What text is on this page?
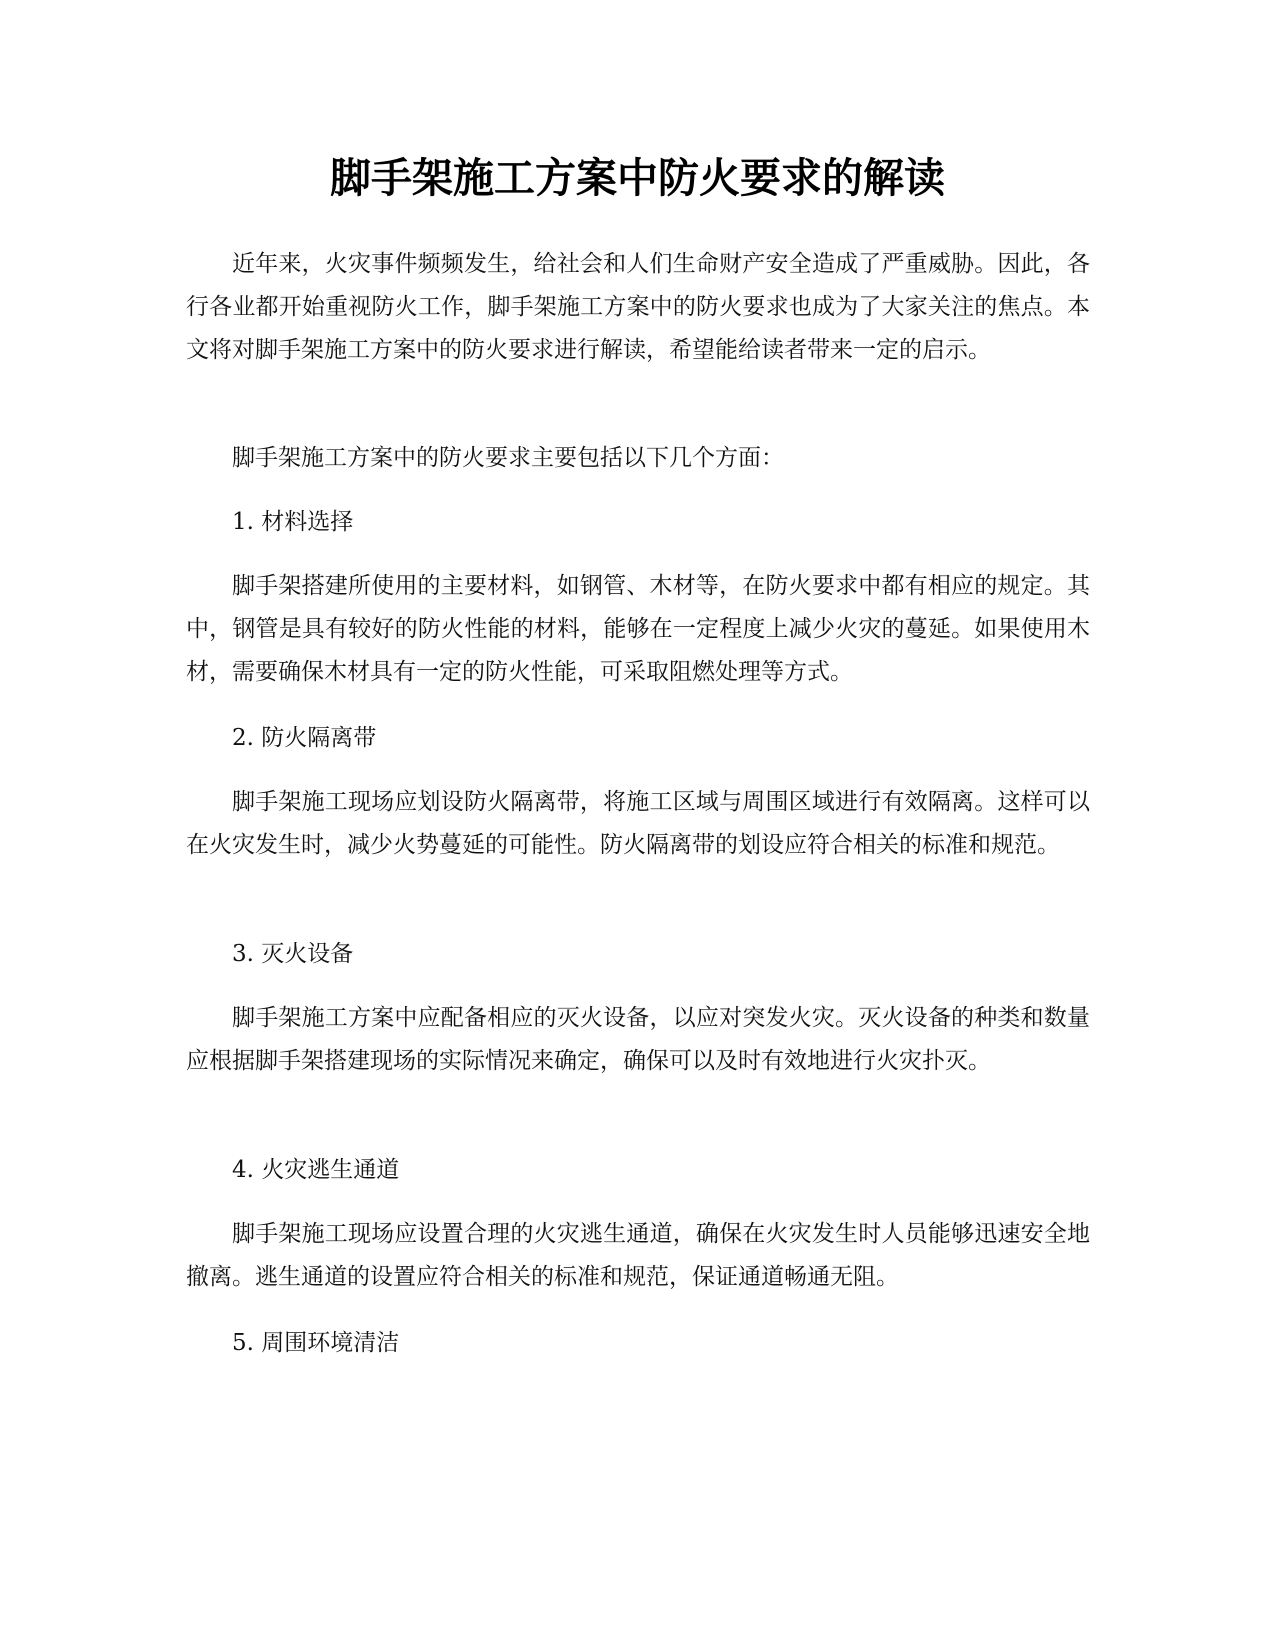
脚手架施工方案中防火要求的解读

近年来，火灾事件频频发生，给社会和人们生命财产安全造成了严重威胁。因此，各行各业都开始重视防火工作，脚手架施工方案中的防火要求也成为了大家关注的焦点。本文将对脚手架施工方案中的防火要求进行解读，希望能给读者带来一定的启示。

脚手架施工方案中的防火要求主要包括以下几个方面：

1. 材料选择

脚手架搭建所使用的主要材料，如钢管、木材等，在防火要求中都有相应的规定。其中，钢管是具有较好的防火性能的材料，能够在一定程度上减少火灾的蔓延。如果使用木材，需要确保木材具有一定的防火性能，可采取阻燃处理等方式。

2. 防火隔离带

脚手架施工现场应划设防火隔离带，将施工区域与周围区域进行有效隔离。这样可以在火灾发生时，减少火势蔓延的可能性。防火隔离带的划设应符合相关的标准和规范。

3. 灭火设备

脚手架施工方案中应配备相应的灭火设备，以应对突发火灾。灭火设备的种类和数量应根据脚手架搭建现场的实际情况来确定，确保可以及时有效地进行火灾扑灭。

4. 火灾逃生通道

脚手架施工现场应设置合理的火灾逃生通道，确保在火灾发生时人员能够迅速安全地撤离。逃生通道的设置应符合相关的标准和规范，保证通道畅通无阻。

5. 周围环境清洁
